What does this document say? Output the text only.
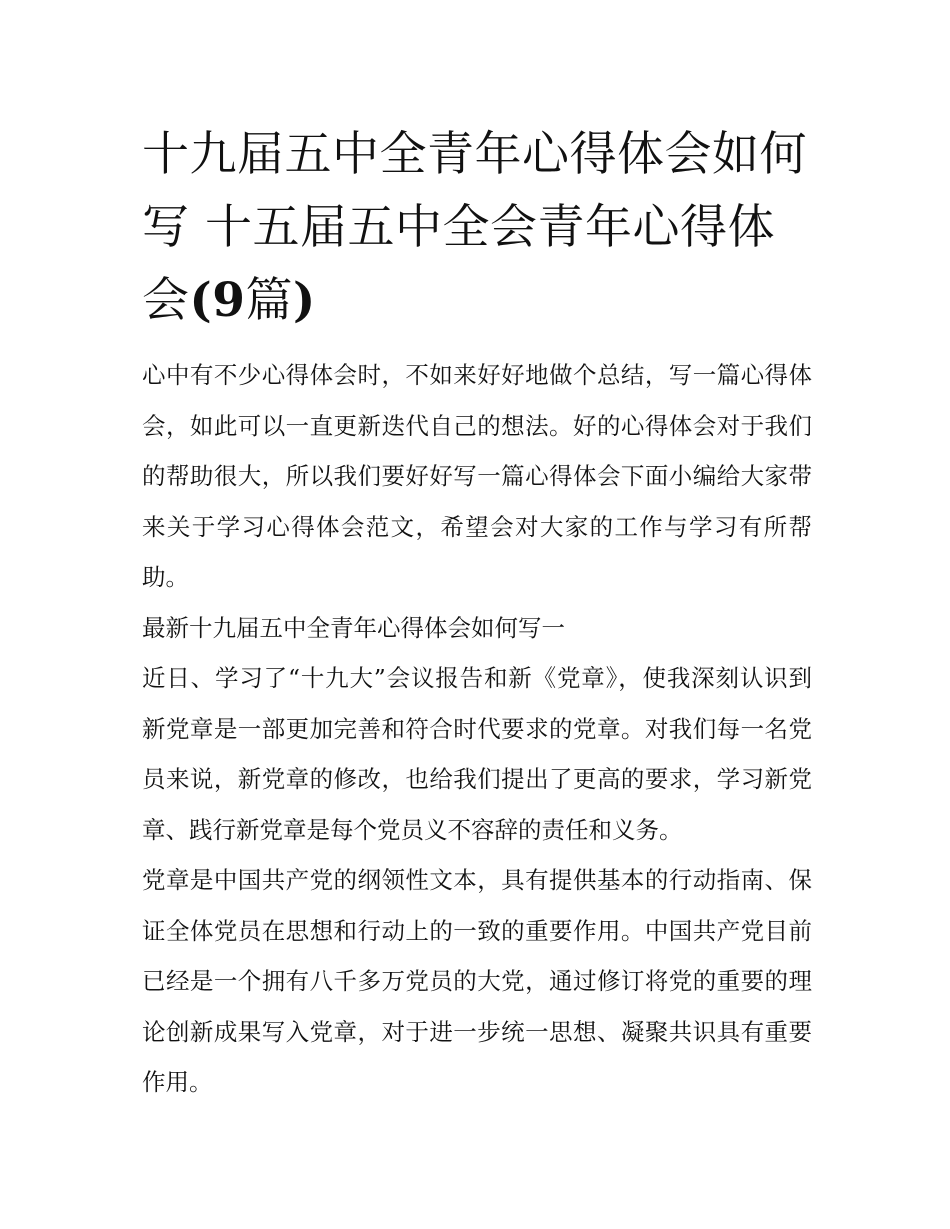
十九届五中全青年心得体会如何写 十五届五中全会青年心得体会(9篇)

心中有不少心得体会时，不如来好好地做个总结，写一篇心得体会，如此可以一直更新迭代自己的想法。好的心得体会对于我们的帮助很大，所以我们要好好写一篇心得体会下面小编给大家带来关于学习心得体会范文，希望会对大家的工作与学习有所帮助。

最新十九届五中全青年心得体会如何写一

近日、学习了“十九大”会议报告和新《党章》，使我深刻认识到新党章是一部更加完善和符合时代要求的党章。对我们每一名党员来说，新党章的修改，也给我们提出了更高的要求，学习新党章、践行新党章是每个党员义不容辞的责任和义务。

党章是中国共产党的纲领性文本，具有提供基本的行动指南、保证全体党员在思想和行动上的一致的重要作用。中国共产党目前已经是一个拥有八千多万党员的大党，通过修订将党的重要的理论创新成果写入党章，对于进一步统一思想、凝聚共识具有重要作用。
